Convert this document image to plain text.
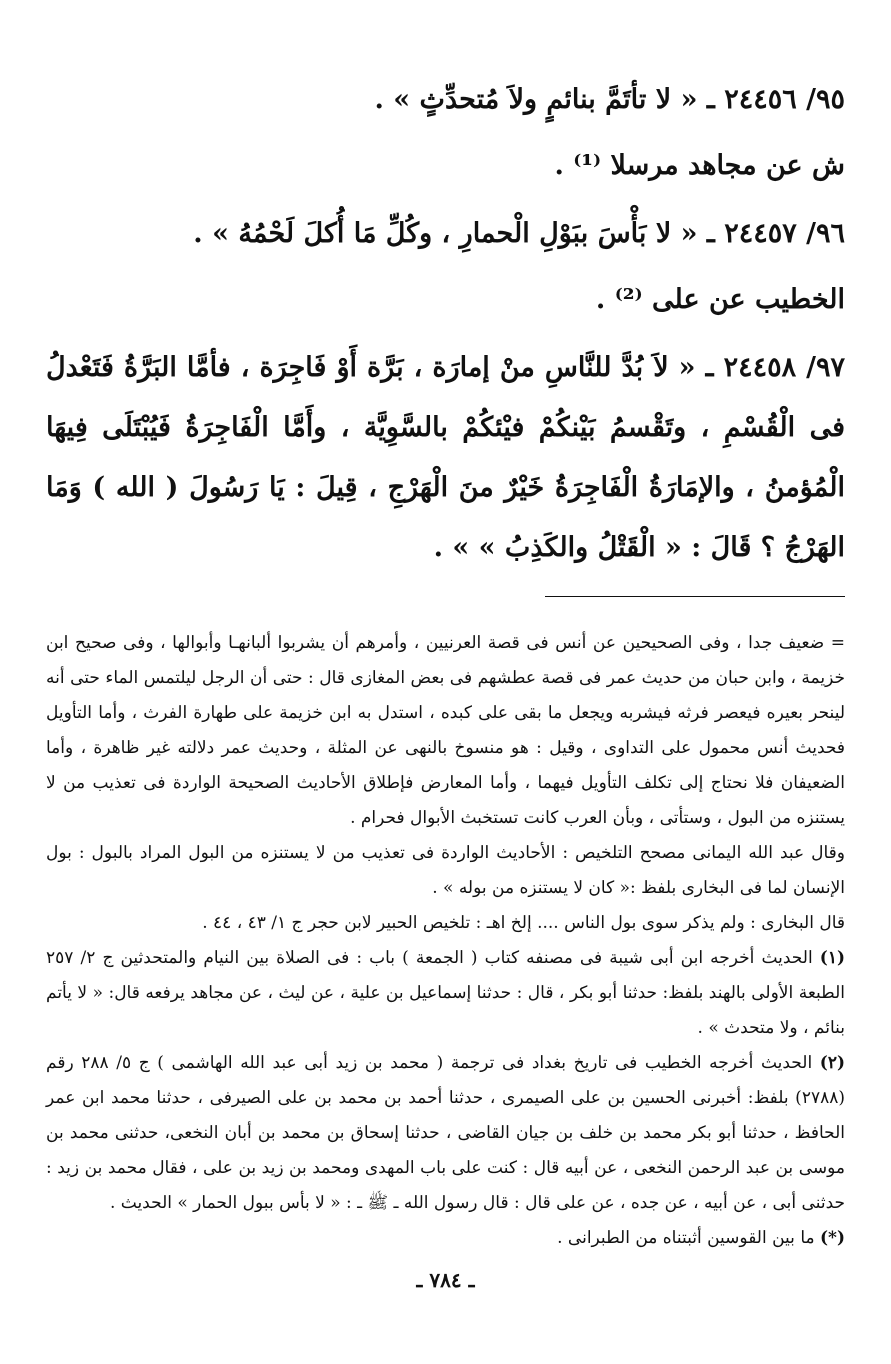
٩٥/ ٢٤٤٥٦ ـ « لا تأتَمَّ بنائمٍ ولاَ مُتحدِّثٍ » .

ش عن مجاهد مرسلا ⁽¹⁾ .

٩٦/ ٢٤٤٥٧ ـ « لا بَأْسَ ببَوْلِ الْحمارِ ، وكُلِّ مَا أُكلَ لَحْمُهُ » .

الخطيب عن على ⁽²⁾ .

٩٧/ ٢٤٤٥٨ ـ « لاَ بُدَّ للنَّاسِ منْ إمارَة ، بَرَّة أَوْ فَاجِرَة ، فأمَّا البَرَّةُ فَتَعْدلُ فى الْقُسْمِ ، وتَقْسمُ بَيْنكُمْ فيْئكُمْ بالسَّوِيَّة ، وأَمَّا الْفَاجِرَةُ فَيُبْتَلَى فِيهَا الْمُؤمنُ ، والإمَارَةُ الْفَاجِرَةُ خَيْرٌ منَ الْهَرْجِ ، قِيلَ : يَا رَسُولَ ( الله ) وَمَا الهَرْجُ ؟ قَالَ : « الْقَتْلُ والكَذِبُ » » .

= ضعيف جدا ، وفى الصحيحين عن أنس فى قصة العرنيين ، وأمرهم أن يشربوا ألبانهـا وأبوالها ، وفى صحيح ابن خزيمة ، وابن حبان من حديث عمر فى قصة عطشهم فى بعض المغازى قال : حتى أن الرجل ليلتمس الماء حتى أنه لينحر بعيره فيعصر فرثه فيشربه ويجعل ما بقى على كبده ، استدل به ابن خزيمة على طهارة الفرث ، وأما التأويل فحديث أنس محمول على التداوى ، وقيل : هو منسوخ بالنهى عن المثلة ، وحديث عمر دلالته غير ظاهرة ، وأما الضعيفان فلا نحتاج إلى تكلف التأويل فيهما ، وأما المعارض فإطلاق الأحاديث الصحيحة الواردة فى تعذيب من لا يستنزه من البول ، وستأتى ، وبأن العرب كانت تستخبث الأبوال فحرام .

وقال عبد الله اليمانى مصحح التلخيص : الأحاديث الواردة فى تعذيب من لا يستنزه من البول المراد بالبول : بول الإنسان لما فى البخارى بلفظ :« كان لا يستنزه من بوله » .

قال البخارى : ولم يذكر سوى بول الناس .... إلخ اهـ : تلخيص الحبير لابن حجر ج ١/ ٤٣ ، ٤٤ .

(١) الحديث أخرجه ابن أبى شيبة فى مصنفه كتاب ( الجمعة ) باب : فى الصلاة بين النيام والمتحدثين ج ٢/ ٢٥٧ الطبعة الأولى بالهند بلفظ: حدثنا أبو بكر ، قال : حدثنا إسماعيل بن علية ، عن ليث ، عن مجاهد يرفعه قال: « لا يأتم بنائم ، ولا متحدث » .

(٢) الحديث أخرجه الخطيب فى تاريخ بغداد فى ترجمة ( محمد بن زيد أبى عبد الله الهاشمى ) ج ٥/ ٢٨٨ رقم (٢٧٨٨) بلفظ: أخبرنى الحسين بن على الصيمرى ، حدثنا أحمد بن محمد بن على الصيرفى ، حدثنا محمد ابن عمر الحافظ ، حدثنا أبو بكر محمد بن خلف بن جيان القاضى ، حدثنا إسحاق بن محمد بن أبان النخعى، حدثنى محمد بن موسى بن عبد الرحمن النخعى ، عن أبيه قال : كنت على باب المهدى ومحمد بن زيد بن على ، فقال محمد بن زيد : حدثنى أبى ، عن أبيه ، عن جده ، عن على قال : قال رسول الله ـ ﷺ ـ : « لا بأس ببول الحمار » الحديث .

(*) ما بين القوسين أثبتناه من الطبرانى .

ـ ٧٨٤ ـ
